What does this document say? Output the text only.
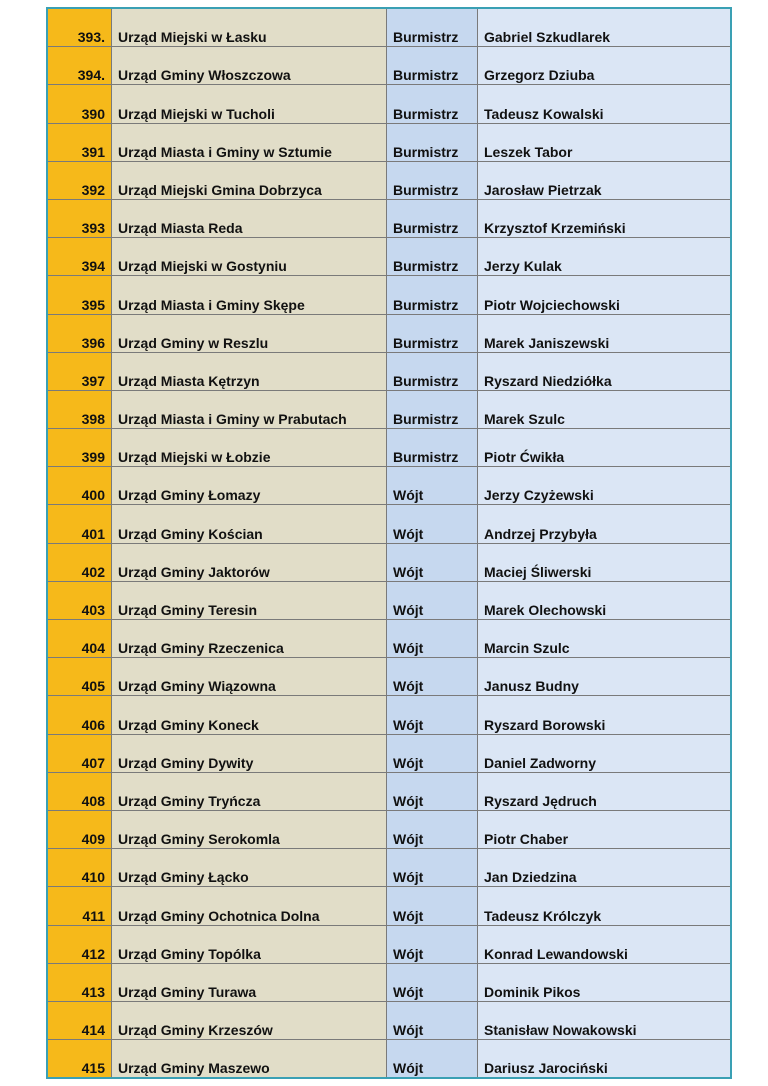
393.	Urząd Miejski w Łasku	Burmistrz	Gabriel Szkudlarek
394.	Urząd Gminy Włoszczowa	Burmistrz	Grzegorz Dziuba
390	Urząd Miejski w Tucholi	Burmistrz	Tadeusz Kowalski
391	Urząd Miasta i Gminy w Sztumie	Burmistrz	Leszek Tabor
392	Urząd Miejski Gmina Dobrzyca	Burmistrz	Jarosław Pietrzak
393	Urząd Miasta Reda	Burmistrz	Krzysztof Krzemiński
394	Urząd Miejski w Gostyniu	Burmistrz	Jerzy Kulak
395	Urząd Miasta i Gminy Skępe	Burmistrz	Piotr Wojciechowski
396	Urząd Gminy w Reszlu	Burmistrz	Marek Janiszewski
397	Urząd Miasta Kętrzyn	Burmistrz	Ryszard Niedziółka
398	Urząd Miasta i Gminy w Prabutach	Burmistrz	Marek Szulc
399	Urząd Miejski w Łobzie	Burmistrz	Piotr Ćwikła
400	Urząd Gminy Łomazy	Wójt	Jerzy Czyżewski
401	Urząd Gminy Kościan	Wójt	Andrzej Przybyła
402	Urząd Gminy Jaktorów	Wójt	Maciej Śliwerski
403	Urząd Gminy Teresin	Wójt	Marek Olechowski
404	Urząd Gminy Rzeczenica	Wójt	Marcin Szulc
405	Urząd Gminy Wiązowna	Wójt	Janusz Budny
406	Urząd Gminy Koneck	Wójt	Ryszard Borowski
407	Urząd Gminy Dywity	Wójt	Daniel Zadworny
408	Urząd Gminy Tryńcza	Wójt	Ryszard Jędruch
409	Urząd Gminy Serokomla	Wójt	Piotr Chaber
410	Urząd Gminy Łącko	Wójt	Jan Dziedzina
411	Urząd Gminy Ochotnica Dolna	Wójt	Tadeusz Królczyk
412	Urząd Gminy Topólka	Wójt	Konrad Lewandowski
413	Urząd Gminy Turawa	Wójt	Dominik Pikos
414	Urząd Gminy Krzeszów	Wójt	Stanisław Nowakowski
415	Urząd Gminy Maszewo	Wójt	Dariusz Jarociński
